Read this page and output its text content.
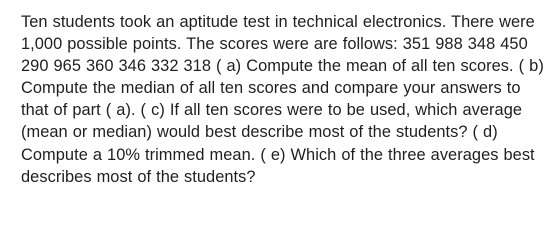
Ten students took an aptitude test in technical electronics. There were 1,000 possible points. The scores were are follows: 351 988 348 450 290 965 360 346 332 318 ( a) Compute the mean of all ten scores. ( b) Compute the median of all ten scores and compare your answers to that of part ( a). ( c) If all ten scores were to be used, which average (mean or median) would best describe most of the students? ( d) Compute a 10% trimmed mean. ( e) Which of the three averages best describes most of the students?
